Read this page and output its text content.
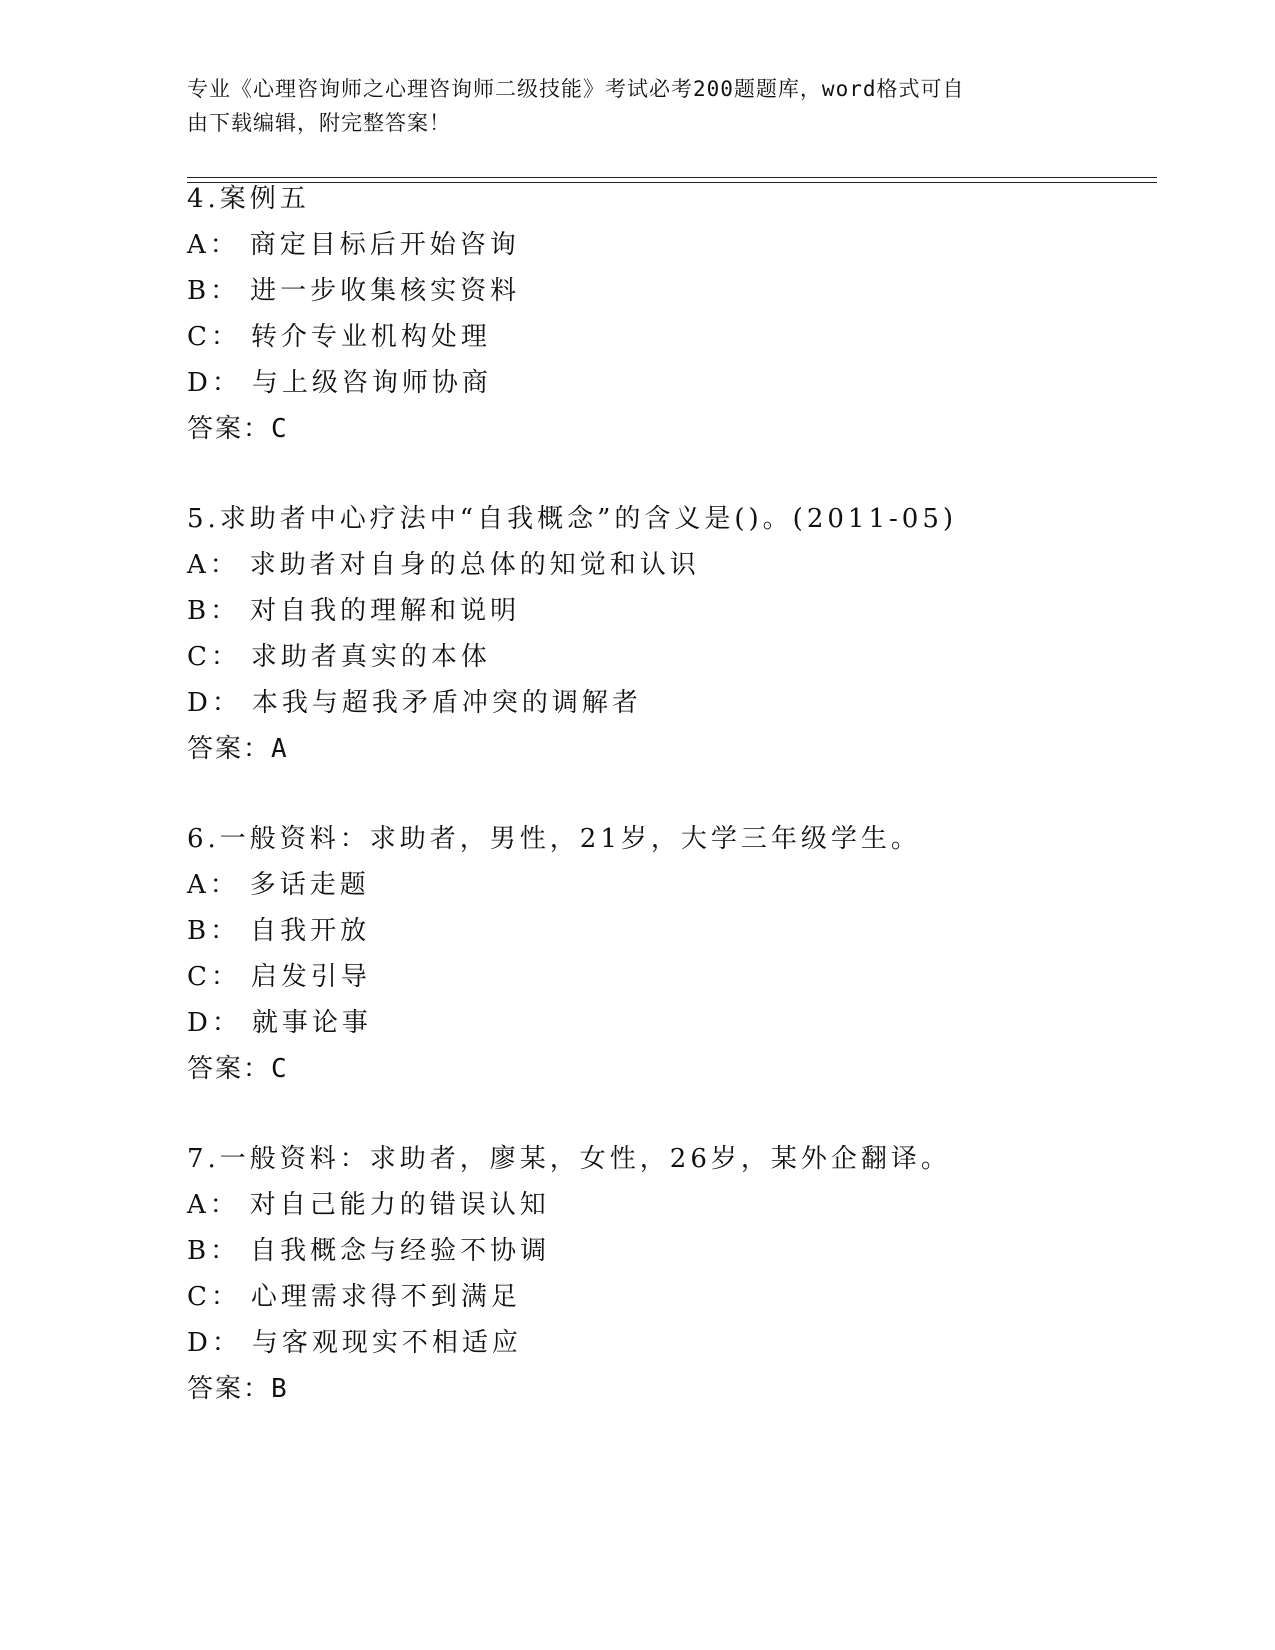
专业《心理咨询师之心理咨询师二级技能》考试必考200题题库，word格式可自
由下载编辑，附完整答案！
4.案例五
A： 商定目标后开始咨询
B： 进一步收集核实资料
C： 转介专业机构处理
D： 与上级咨询师协商
答案：C
5.求助者中心疗法中“自我概念”的含义是()。(2011-05)
A： 求助者对自身的总体的知觉和认识
B： 对自我的理解和说明
C： 求助者真实的本体
D： 本我与超我矛盾冲突的调解者
答案：A
6.一般资料：求助者，男性，21岁，大学三年级学生。
A： 多话走题
B： 自我开放
C： 启发引导
D： 就事论事
答案：C
7.一般资料：求助者，廖某，女性，26岁，某外企翻译。
A： 对自己能力的错误认知
B： 自我概念与经验不协调
C： 心理需求得不到满足
D： 与客观现实不相适应
答案：B
